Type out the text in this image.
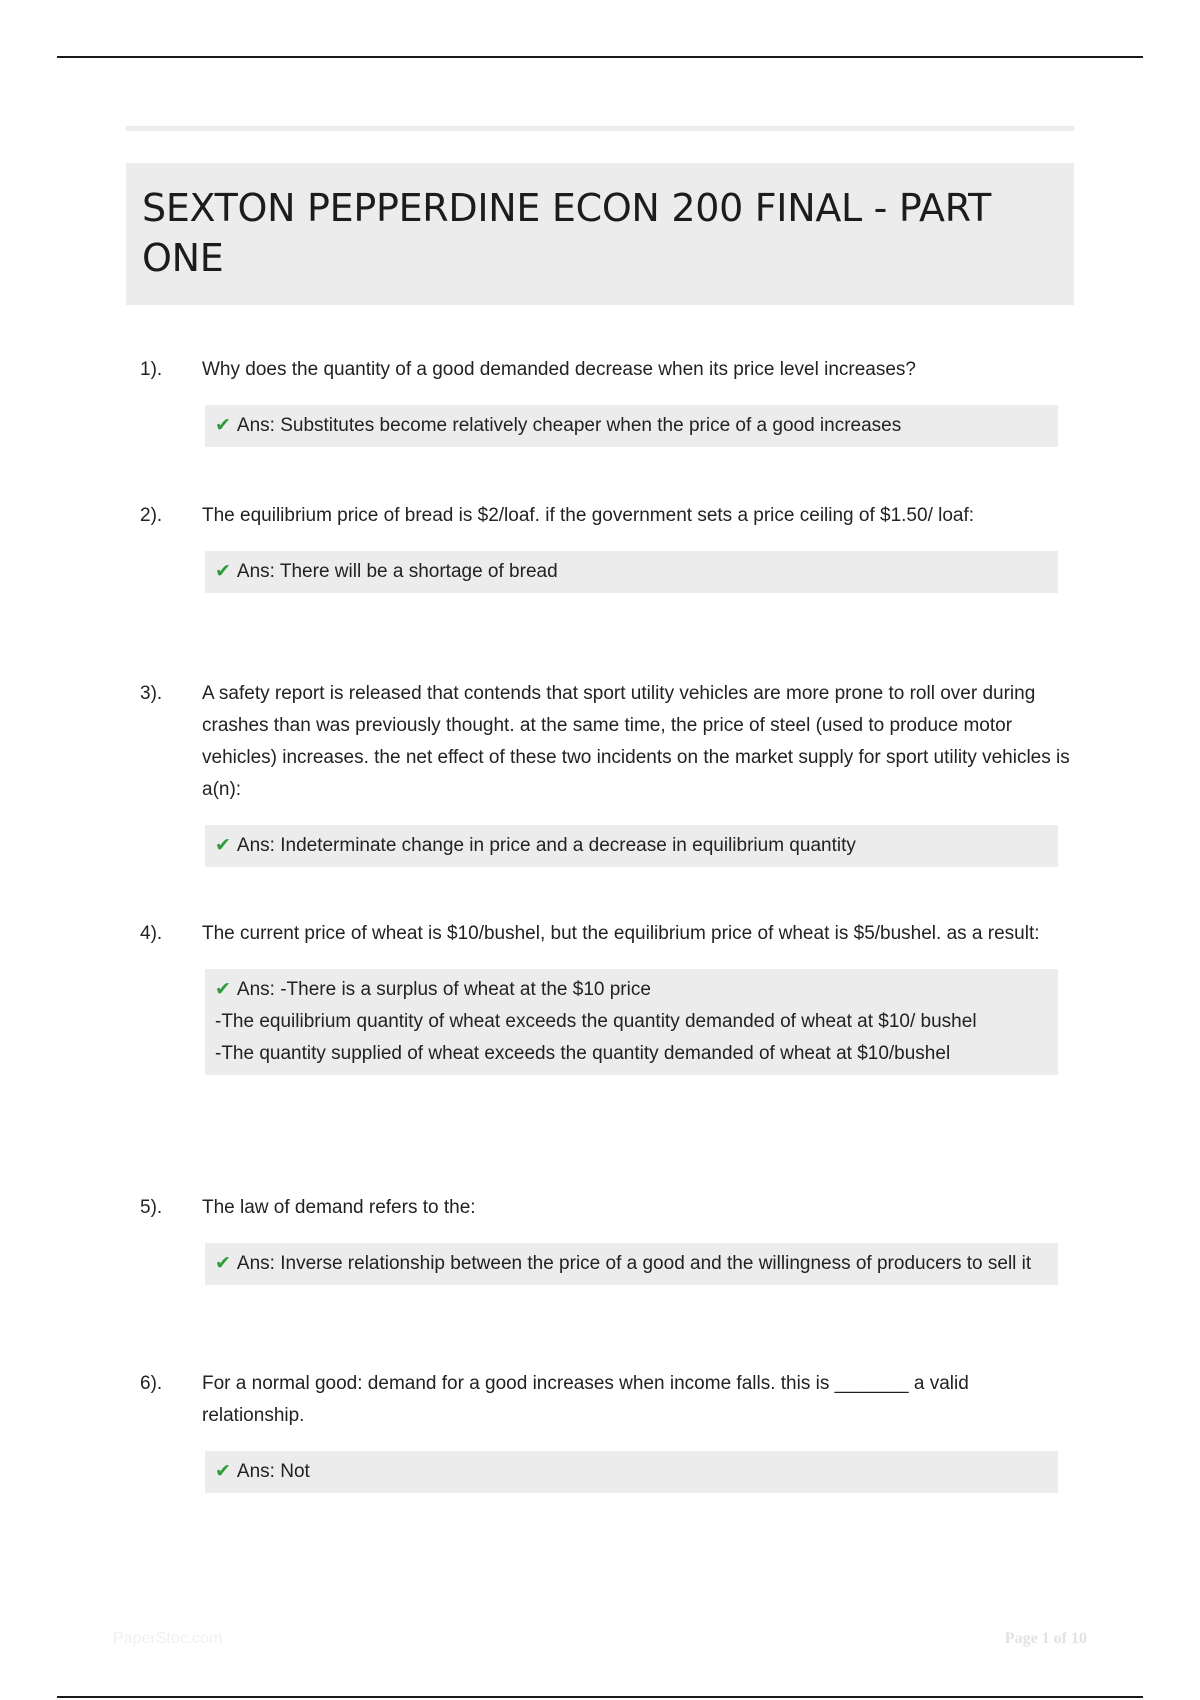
SEXTON PEPPERDINE ECON 200 FINAL - PART ONE
1). Why does the quantity of a good demanded decrease when its price level increases?
✔ Ans: Substitutes become relatively cheaper when the price of a good increases
2). The equilibrium price of bread is $2/loaf. if the government sets a price ceiling of $1.50/ loaf:
✔ Ans: There will be a shortage of bread
3). A safety report is released that contends that sport utility vehicles are more prone to roll over during crashes than was previously thought. at the same time, the price of steel (used to produce motor vehicles) increases. the net effect of these two incidents on the market supply for sport utility vehicles is a(n):
✔ Ans: Indeterminate change in price and a decrease in equilibrium quantity
4). The current price of wheat is $10/bushel, but the equilibrium price of wheat is $5/bushel. as a result:
✔ Ans: -There is a surplus of wheat at the $10 price
-The equilibrium quantity of wheat exceeds the quantity demanded of wheat at $10/ bushel
-The quantity supplied of wheat exceeds the quantity demanded of wheat at $10/bushel
5). The law of demand refers to the:
✔ Ans: Inverse relationship between the price of a good and the willingness of producers to sell it
6). For a normal good: demand for a good increases when income falls. this is _______ a valid relationship.
✔ Ans: Not
PaperStoc.com	Page 1 of 10
